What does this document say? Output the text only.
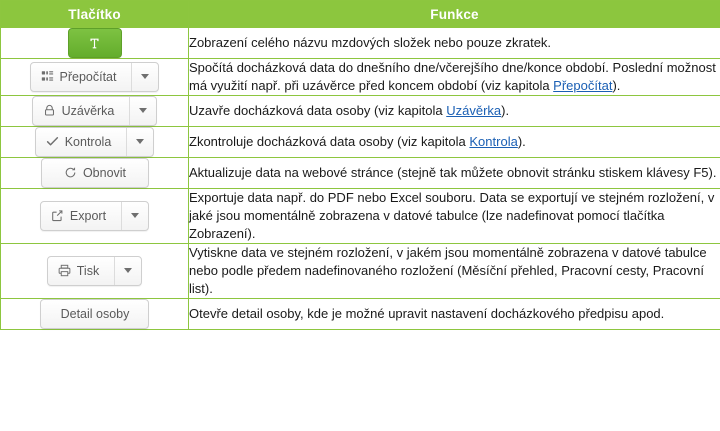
Tlačítko	Funkce

	Zobrazení celého názvu mzdových složek nebo pouze zkratek.

Přepočítat	Spočítá docházková data do dnešního dne/včerejšího dne/konce období. Poslední možnost má využití např. při uzávěrce před koncem období (viz kapitola Přepočítat).

Uzávěrka	Uzavře docházková data osoby (viz kapitola Uzávěrka).

Kontrola	Zkontroluje docházková data osoby (viz kapitola Kontrola).

Obnovit	Aktualizuje data na webové stránce (stejně tak můžete obnovit stránku stiskem klávesy F5).

Export	Exportuje data např. do PDF nebo Excel souboru. Data se exportují ve stejném rozložení, v jaké jsou momentálně zobrazena v datové tabulce (lze nadefinovat pomocí tlačítka Zobrazení).

Tisk	Vytiskne data ve stejném rozložení, v jakém jsou momentálně zobrazena v datové tabulce nebo podle předem nadefinovaného rozložení (Měsíční přehled, Pracovní cesty, Pracovní list).

Detail osoby	Otevře detail osoby, kde je možné upravit nastavení docházkového předpisu apod.
